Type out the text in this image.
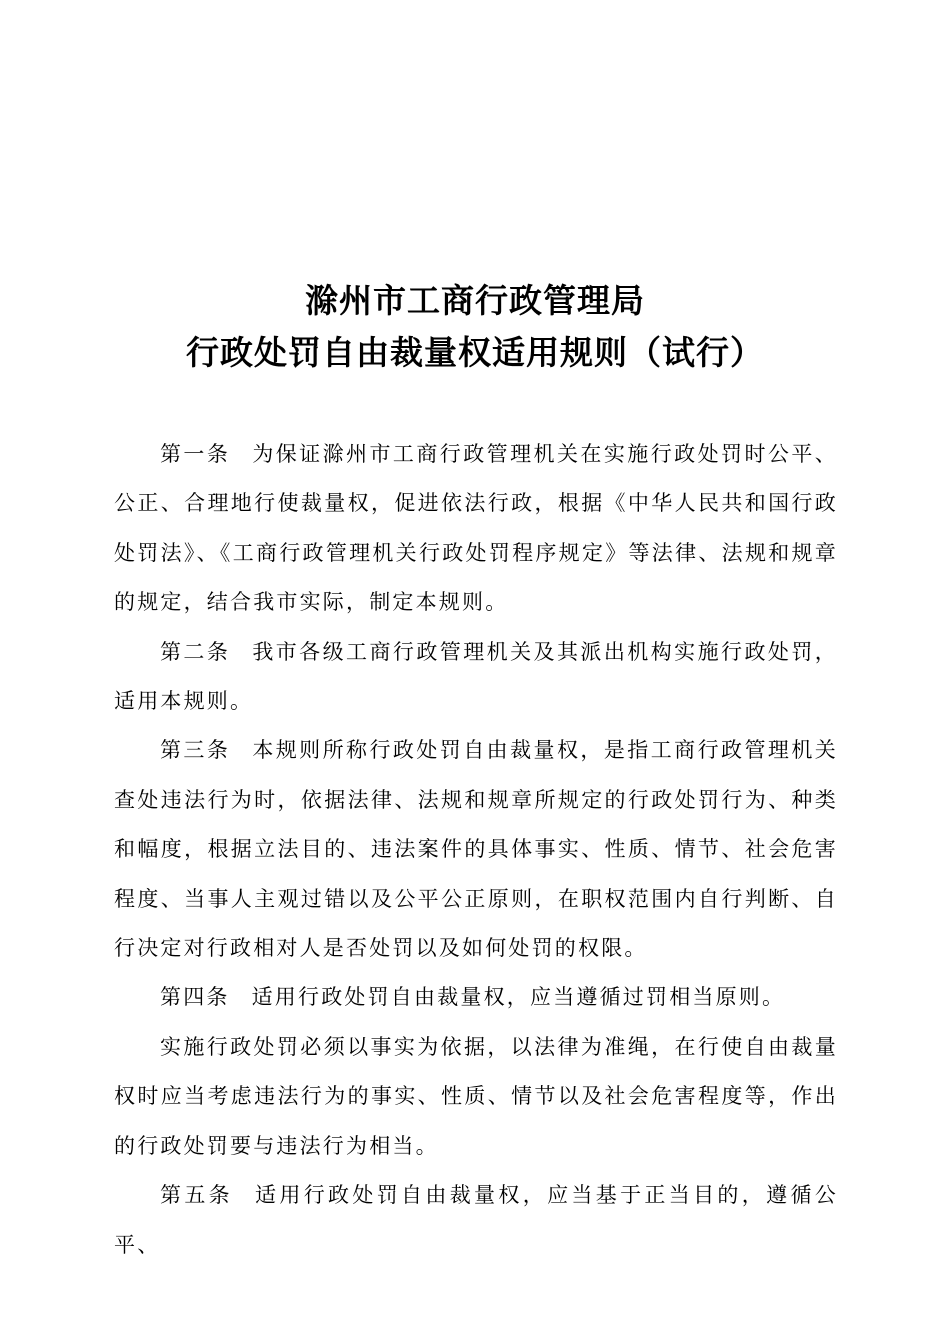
滁州市工商行政管理局
行政处罚自由裁量权适用规则（试行）

第一条 为保证滁州市工商行政管理机关在实施行政处罚时公平、公正、合理地行使裁量权，促进依法行政，根据《中华人民共和国行政处罚法》、《工商行政管理机关行政处罚程序规定》等法律、法规和规章的规定，结合我市实际，制定本规则。

第二条 我市各级工商行政管理机关及其派出机构实施行政处罚，适用本规则。

第三条 本规则所称行政处罚自由裁量权，是指工商行政管理机关查处违法行为时，依据法律、法规和规章所规定的行政处罚行为、种类和幅度，根据立法目的、违法案件的具体事实、性质、情节、社会危害程度、当事人主观过错以及公平公正原则，在职权范围内自行判断、自行决定对行政相对人是否处罚以及如何处罚的权限。

第四条 适用行政处罚自由裁量权，应当遵循过罚相当原则。

实施行政处罚必须以事实为依据，以法律为准绳，在行使自由裁量权时应当考虑违法行为的事实、性质、情节以及社会危害程度等，作出的行政处罚要与违法行为相当。

第五条 适用行政处罚自由裁量权，应当基于正当目的，遵循公平、
